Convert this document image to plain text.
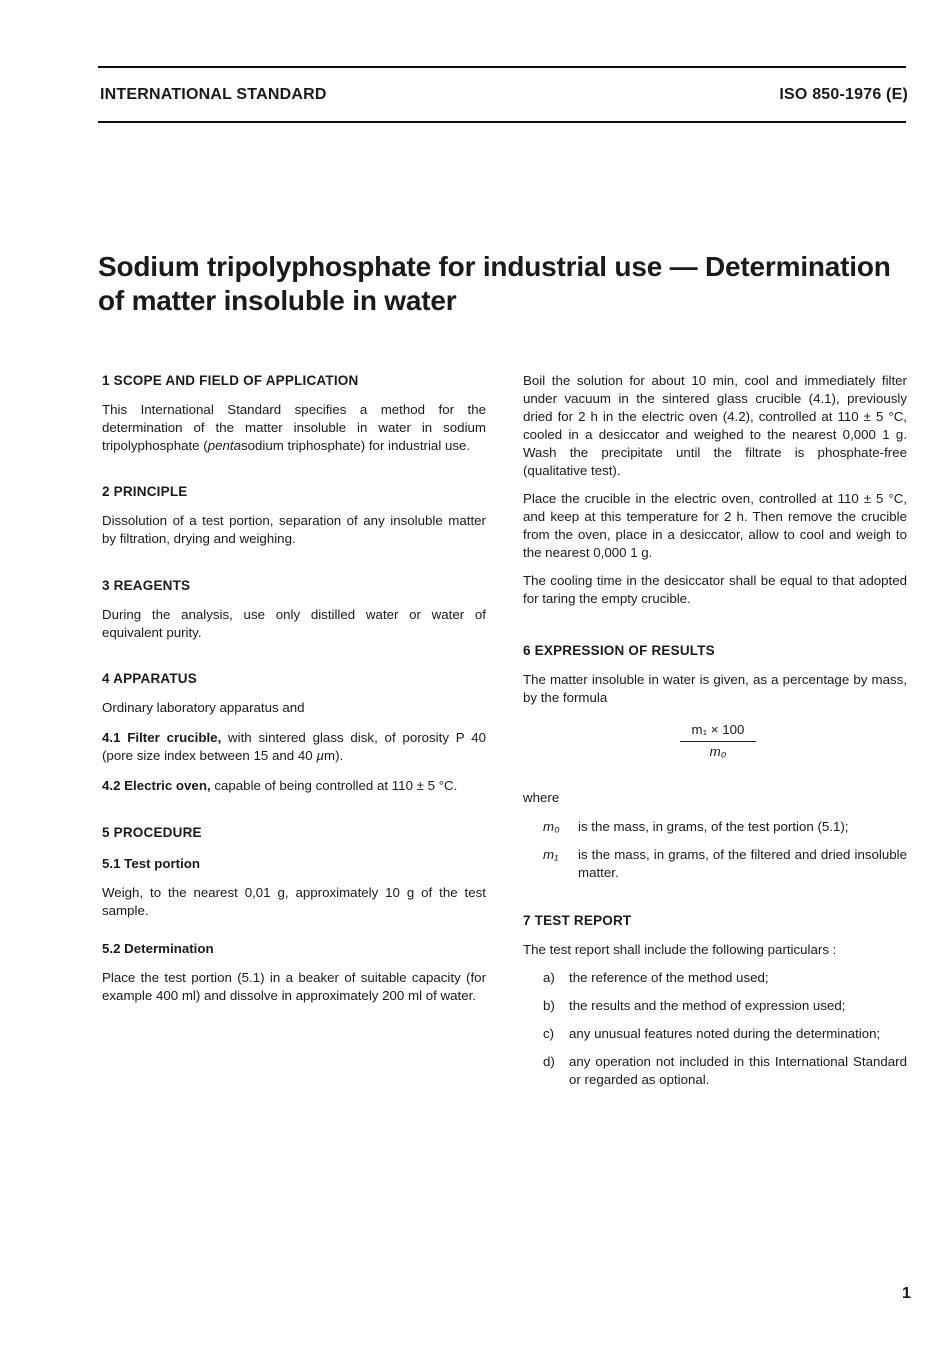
INTERNATIONAL STANDARD	ISO 850-1976 (E)
Sodium tripolyphosphate for industrial use — Determination
of matter insoluble in water
1 SCOPE AND FIELD OF APPLICATION

This International Standard specifies a method for the determination of the matter insoluble in water in sodium tripolyphosphate (pentasodium triphosphate) for industrial use.

2 PRINCIPLE

Dissolution of a test portion, separation of any insoluble matter by filtration, drying and weighing.

3 REAGENTS

During the analysis, use only distilled water or water of equivalent purity.

4 APPARATUS

Ordinary laboratory apparatus and

4.1 Filter crucible, with sintered glass disk, of porosity P 40 (pore size index between 15 and 40 µm).

4.2 Electric oven, capable of being controlled at 110 ± 5 °C.

5 PROCEDURE
5.1 Test portion

Weigh, to the nearest 0,01 g, approximately 10 g of the test sample.

5.2 Determination

Place the test portion (5.1) in a beaker of suitable capacity (for example 400 ml) and dissolve in approximately 200 ml of water.

Boil the solution for about 10 min, cool and immediately filter under vacuum in the sintered glass crucible (4.1), previously dried for 2 h in the electric oven (4.2), controlled at 110 ± 5 °C, cooled in a desiccator and weighed to the nearest 0,000 1 g. Wash the precipitate until the filtrate is phosphate-free (qualitative test).

Place the crucible in the electric oven, controlled at 110 ± 5 °C, and keep at this temperature for 2 h. Then remove the crucible from the oven, place in a desiccator, allow to cool and weigh to the nearest 0,000 1 g.

The cooling time in the desiccator shall be equal to that adopted for taring the empty crucible.

6 EXPRESSION OF RESULTS

The matter insoluble in water is given, as a percentage by mass, by the formula

$\frac{\text{m₁ × 100}}{\text{m₀}}$

where

m₀	is the mass, in grams, of the test portion (5.1);
m₁	is the mass, in grams, of the filtered and dried insoluble matter.
7 TEST REPORT

The test report shall include the following particulars :

a)	the reference of the method used;
b)	the results and the method of expression used;
c)	any unusual features noted during the determination;
d)	any operation not included in this International Standard or regarded as optional.
1
